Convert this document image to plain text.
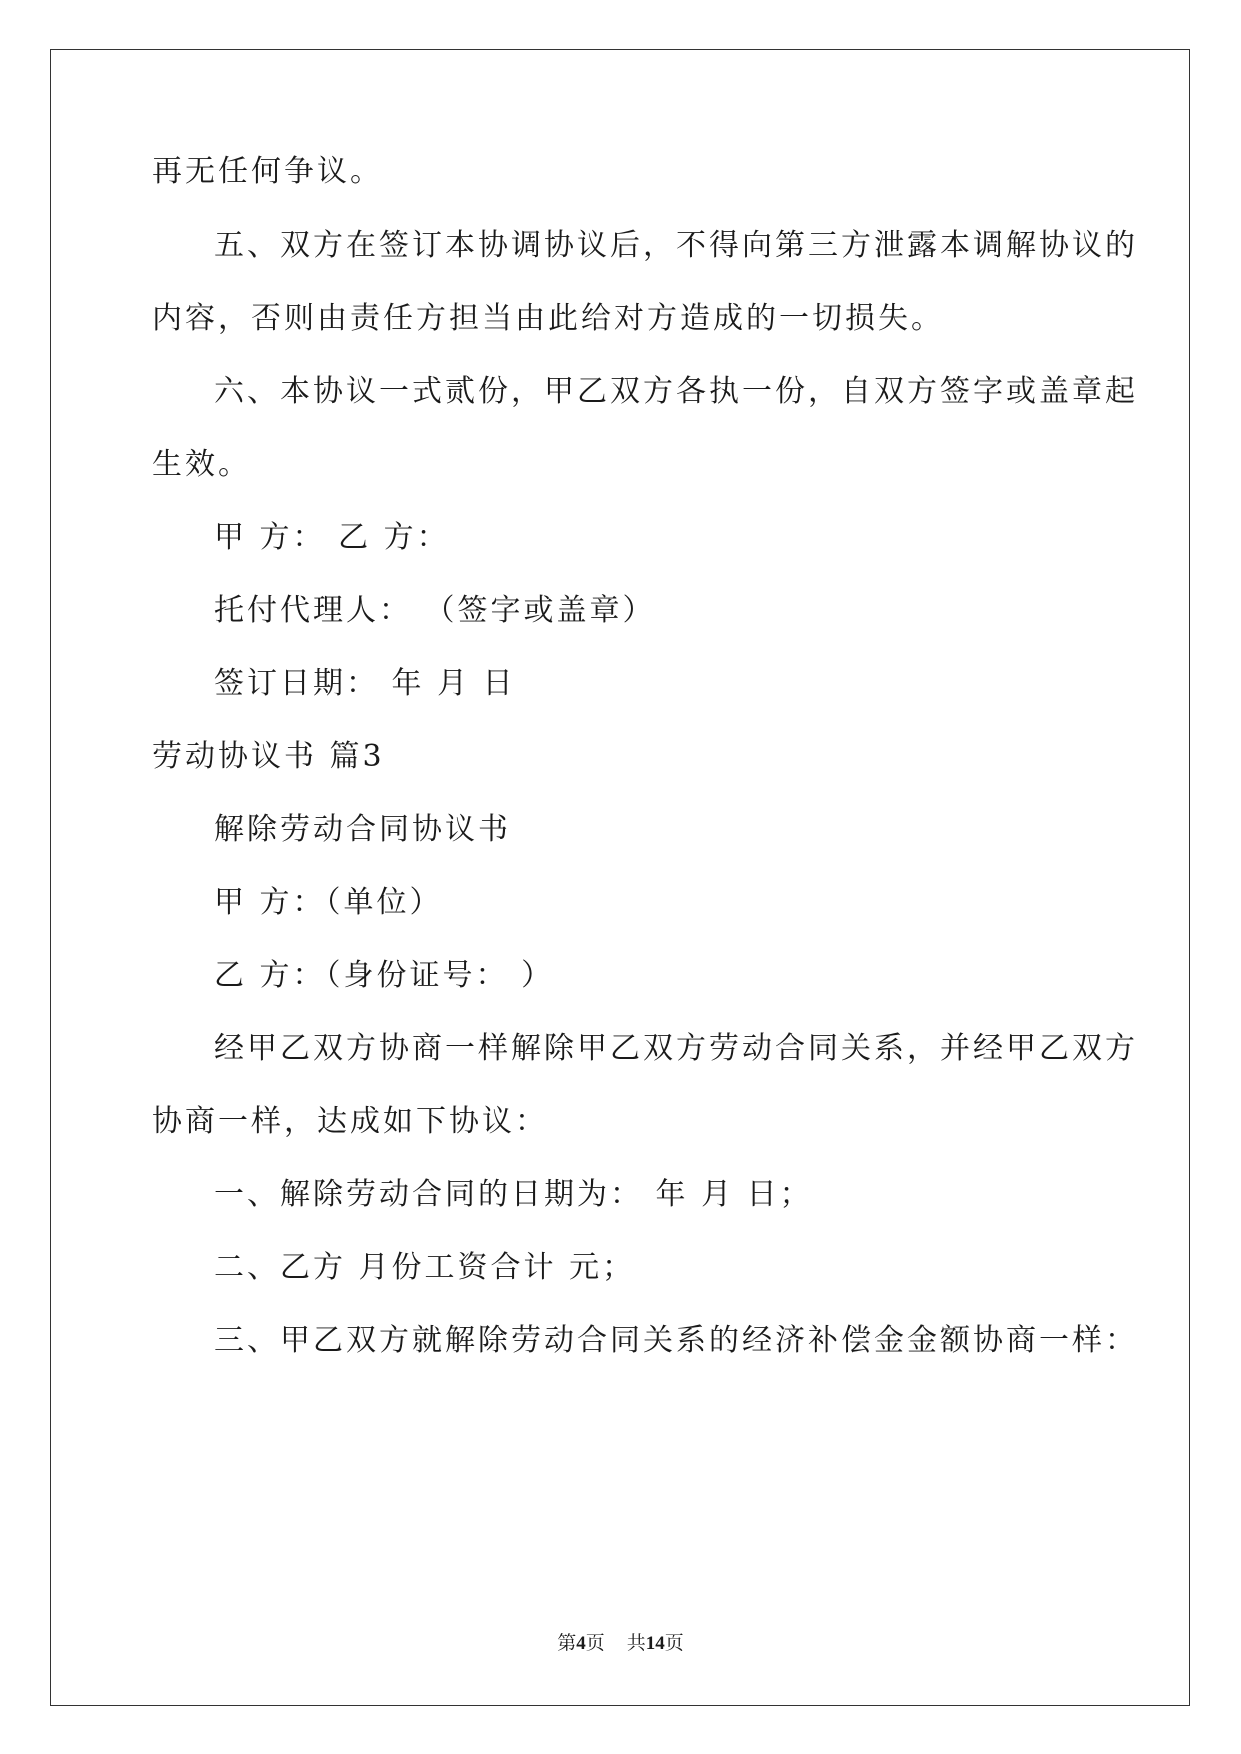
再无任何争议。
五、双方在签订本协调协议后，不得向第三方泄露本调解协议的
内容，否则由责任方担当由此给对方造成的一切损失。
六、本协议一式贰份，甲乙双方各执一份，自双方签字或盖章起
生效。
甲 方： 乙 方：
托付代理人： （签字或盖章）
签订日期： 年 月 日
劳动协议书 篇3
解除劳动合同协议书
甲 方：（单位）
乙 方：（身份证号： ）
经甲乙双方协商一样解除甲乙双方劳动合同关系，并经甲乙双方
协商一样，达成如下协议：
一、解除劳动合同的日期为： 年 月 日；
二、乙方 月份工资合计 元；
三、甲乙双方就解除劳动合同关系的经济补偿金金额协商一样：
第4页 共14页
